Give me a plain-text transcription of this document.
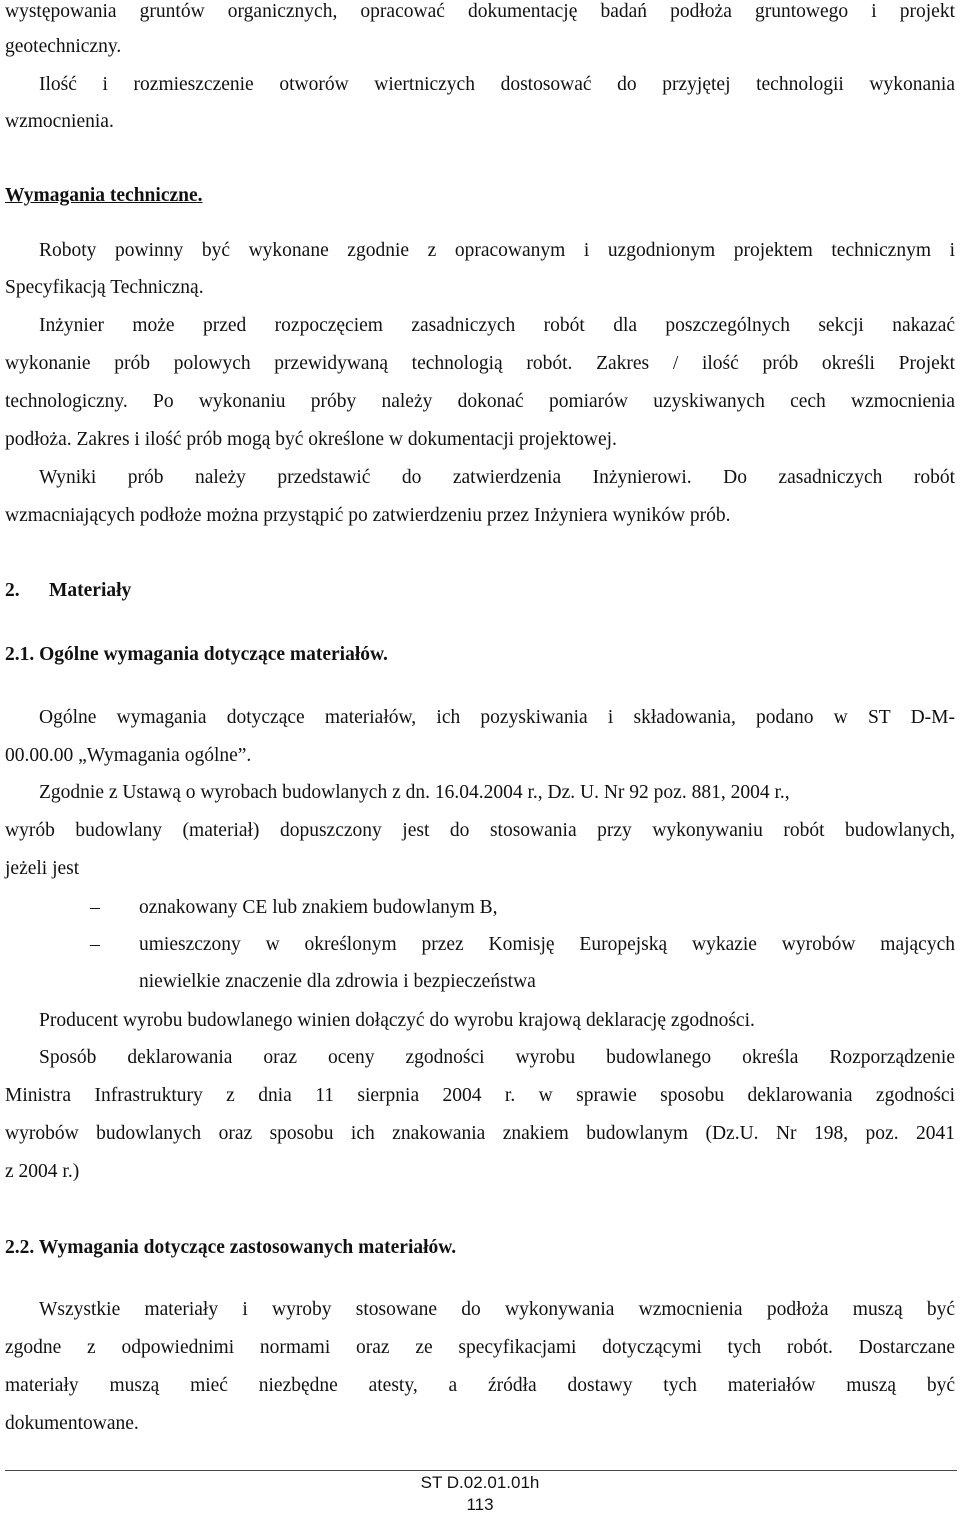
występowania gruntów organicznych, opracować dokumentację badań podłoża gruntowego i projekt
geotechniczny.
Ilość i rozmieszczenie otworów wiertniczych dostosować do przyjętej technologii wykonania
wzmocnienia.
Wymagania techniczne.
Roboty powinny być wykonane zgodnie z opracowanym i uzgodnionym projektem technicznym i
Specyfikacją Techniczną.
Inżynier może przed rozpoczęciem zasadniczych robót dla poszczególnych sekcji nakazać
wykonanie prób polowych przewidywaną technologią robót. Zakres / ilość prób określi Projekt
technologiczny. Po wykonaniu próby należy dokonać pomiarów uzyskiwanych cech wzmocnienia
podłoża. Zakres i ilość prób mogą być określone w dokumentacji projektowej.
Wyniki prób należy przedstawić do zatwierdzenia Inżynierowi. Do zasadniczych robót
wzmacniających podłoże można przystąpić po zatwierdzeniu przez Inżyniera wyników prób.
2. Materiały
2.1. Ogólne wymagania dotyczące materiałów.
Ogólne wymagania dotyczące materiałów, ich pozyskiwania i składowania, podano w ST D-M-
00.00.00 „Wymagania ogólne”.
Zgodnie z Ustawą o wyrobach budowlanych z dn. 16.04.2004 r., Dz. U. Nr 92 poz. 881, 2004 r.,
wyrób budowlany (materiał) dopuszczony jest do stosowania przy wykonywaniu robót budowlanych,
jeżeli jest
– oznakowany CE lub znakiem budowlanym B,
– umieszczony w określonym przez Komisję Europejską wykazie wyrobów mających
niewielkie znaczenie dla zdrowia i bezpieczeństwa
Producent wyrobu budowlanego winien dołączyć do wyrobu krajową deklarację zgodności.
Sposób deklarowania oraz oceny zgodności wyrobu budowlanego określa Rozporządzenie
Ministra Infrastruktury z dnia 11 sierpnia 2004 r. w sprawie sposobu deklarowania zgodności
wyrobów budowlanych oraz sposobu ich znakowania znakiem budowlanym (Dz.U. Nr 198, poz. 2041
z 2004 r.)
2.2. Wymagania dotyczące zastosowanych materiałów.
Wszystkie materiały i wyroby stosowane do wykonywania wzmocnienia podłoża muszą być
zgodne z odpowiednimi normami oraz ze specyfikacjami dotyczącymi tych robót. Dostarczane
materiały muszą mieć niezbędne atesty, a źródła dostawy tych materiałów muszą być
dokumentowane.
ST D.02.01.01h
113
